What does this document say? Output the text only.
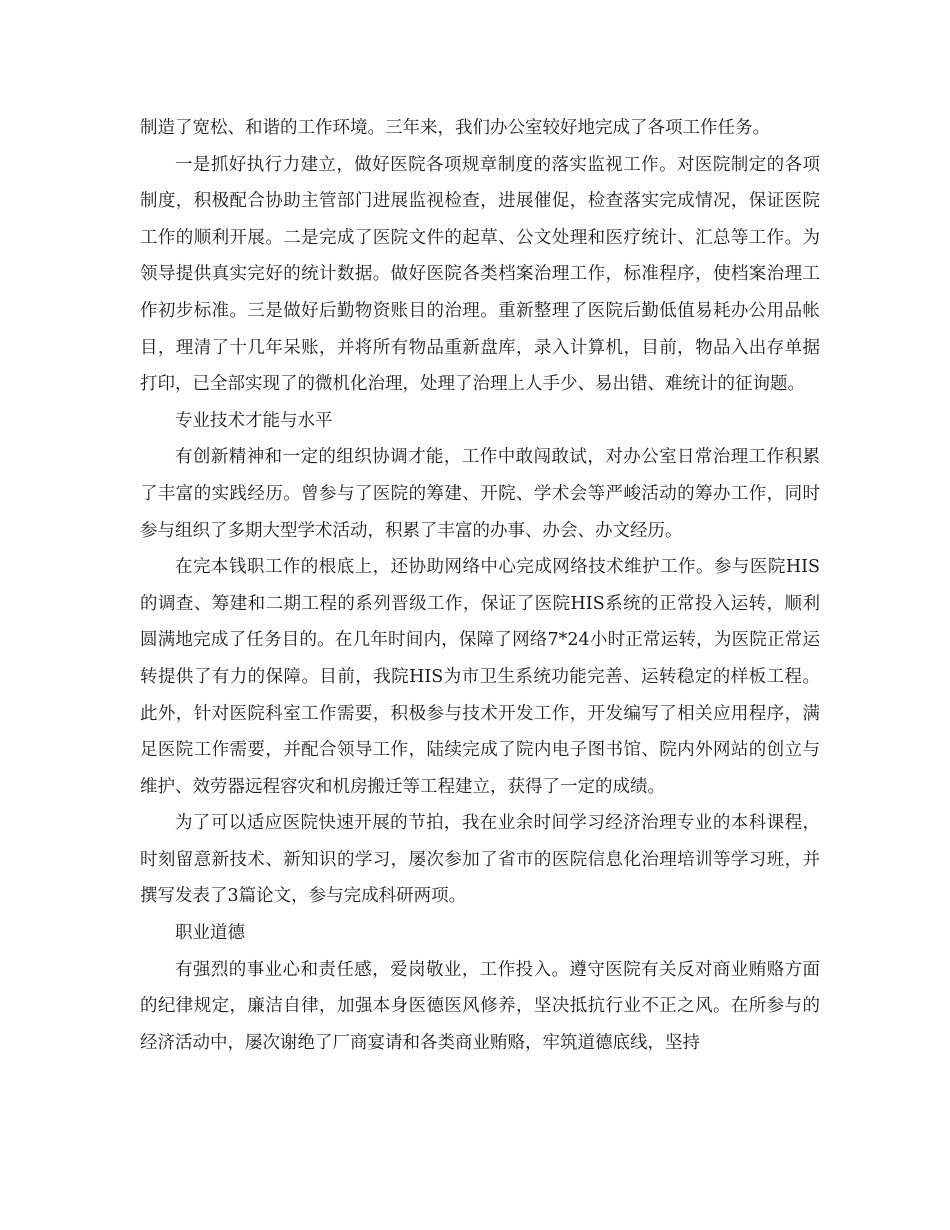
制造了宽松、和谐的工作环境。三年来，我们办公室较好地完成了各项工作任务。

一是抓好执行力建立，做好医院各项规章制度的落实监视工作。对医院制定的各项制度，积极配合协助主管部门进展监视检查，进展催促，检查落实完成情况，保证医院工作的顺利开展。二是完成了医院文件的起草、公文处理和医疗统计、汇总等工作。为领导提供真实完好的统计数据。做好医院各类档案治理工作，标准程序，使档案治理工作初步标准。三是做好后勤物资账目的治理。重新整理了医院后勤低值易耗办公用品帐目，理清了十几年呆账，并将所有物品重新盘库，录入计算机，目前，物品入出存单据打印，已全部实现了的微机化治理，处理了治理上人手少、易出错、难统计的征询题。

专业技术才能与水平

有创新精神和一定的组织协调才能，工作中敢闯敢试，对办公室日常治理工作积累了丰富的实践经历。曾参与了医院的筹建、开院、学术会等严峻活动的筹办工作，同时参与组织了多期大型学术活动，积累了丰富的办事、办会、办文经历。

在完本钱职工作的根底上，还协助网络中心完成网络技术维护工作。参与医院HIS的调查、筹建和二期工程的系列晋级工作，保证了医院HIS系统的正常投入运转，顺利圆满地完成了任务目的。在几年时间内，保障了网络7*24小时正常运转，为医院正常运转提供了有力的保障。目前，我院HIS为市卫生系统功能完善、运转稳定的样板工程。此外，针对医院科室工作需要，积极参与技术开发工作，开发编写了相关应用程序，满足医院工作需要，并配合领导工作，陆续完成了院内电子图书馆、院内外网站的创立与维护、效劳器远程容灾和机房搬迁等工程建立，获得了一定的成绩。

为了可以适应医院快速开展的节拍，我在业余时间学习经济治理专业的本科课程，时刻留意新技术、新知识的学习，屡次参加了省市的医院信息化治理培训等学习班，并撰写发表了3篇论文，参与完成科研两项。

职业道德

有强烈的事业心和责任感，爱岗敬业，工作投入。遵守医院有关反对商业贿赂方面的纪律规定，廉洁自律，加强本身医德医风修养，坚决抵抗行业不正之风。在所参与的经济活动中，屡次谢绝了厂商宴请和各类商业贿赂，牢筑道德底线，坚持
